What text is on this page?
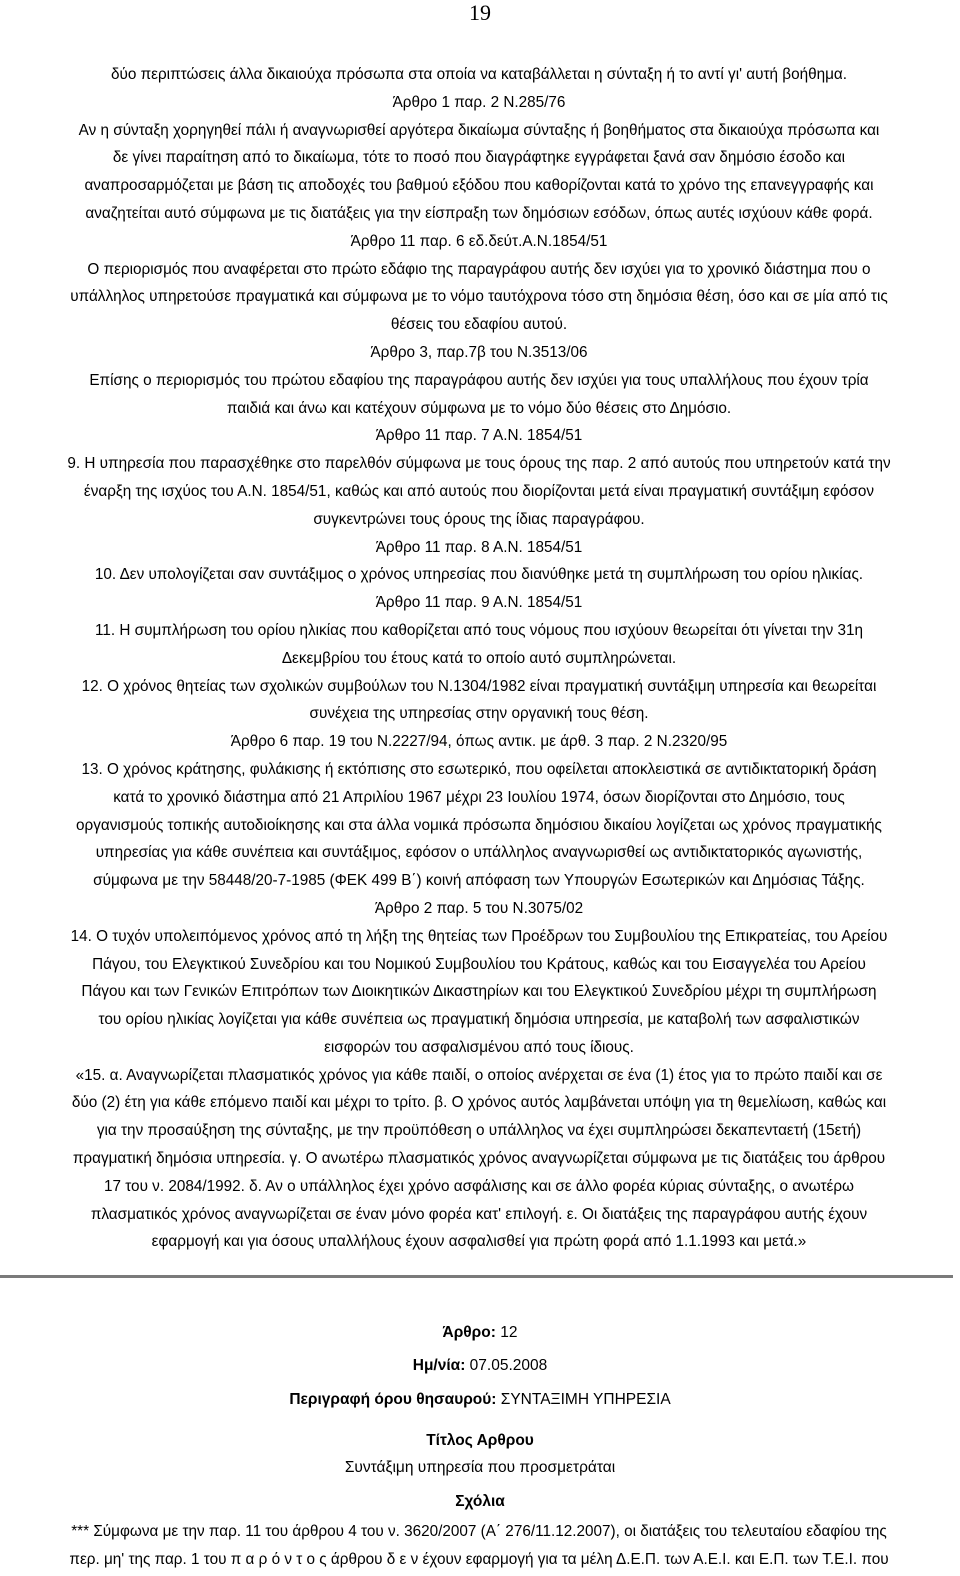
19
δύο περιπτώσεις άλλα δικαιούχα πρόσωπα στα οποία να καταβάλλεται η σύνταξη ή το αντί γι' αυτή βοήθημα.
Άρθρο 1 παρ. 2 Ν.285/76
Αν η σύνταξη χορηγηθεί πάλι ή αναγνωρισθεί αργότερα δικαίωμα σύνταξης ή βοηθήματος στα δικαιούχα πρόσωπα και
δε γίνει παραίτηση από το δικαίωμα, τότε το ποσό που διαγράφτηκε εγγράφεται ξανά σαν δημόσιο έσοδο και
αναπροσαρμόζεται με βάση τις αποδοχές του βαθμού εξόδου που καθορίζονται κατά το χρόνο της επανεγγραφής και
αναζητείται αυτό σύμφωνα με τις διατάξεις για την είσπραξη των δημόσιων εσόδων, όπως αυτές ισχύουν κάθε φορά.
Άρθρο 11 παρ. 6 εδ.δεύτ.Α.Ν.1854/51
Ο περιορισμός που αναφέρεται στο πρώτο εδάφιο της παραγράφου αυτής δεν ισχύει για το χρονικό διάστημα που ο
υπάλληλος υπηρετούσε πραγματικά και σύμφωνα με το νόμο ταυτόχρονα τόσο στη δημόσια θέση, όσο και σε μία από τις
θέσεις του εδαφίου αυτού.
Άρθρο 3, παρ.7β του Ν.3513/06
Επίσης ο περιορισμός του πρώτου εδαφίου της παραγράφου αυτής δεν ισχύει για τους υπαλλήλους που έχουν τρία
παιδιά και άνω και κατέχουν σύμφωνα με το νόμο δύο θέσεις στο Δημόσιο.
Άρθρο 11 παρ. 7 Α.Ν. 1854/51
9. Η υπηρεσία που παρασχέθηκε στο παρελθόν σύμφωνα με τους όρους της παρ. 2 από αυτούς που υπηρετούν κατά την
έναρξη της ισχύος του Α.Ν. 1854/51, καθώς και από αυτούς που διορίζονται μετά είναι πραγματική συντάξιμη εφόσον
συγκεντρώνει τους όρους της ίδιας παραγράφου.
Άρθρο 11 παρ. 8 Α.Ν. 1854/51
10. Δεν υπολογίζεται σαν συντάξιμος ο χρόνος υπηρεσίας που διανύθηκε μετά τη συμπλήρωση του ορίου ηλικίας.
Άρθρο 11 παρ. 9 Α.Ν. 1854/51
11. Η συμπλήρωση του ορίου ηλικίας που καθορίζεται από τους νόμους που ισχύουν θεωρείται ότι γίνεται την 31η
Δεκεμβρίου του έτους κατά το οποίο αυτό συμπληρώνεται.
12. Ο χρόνος θητείας των σχολικών συμβούλων του Ν.1304/1982 είναι πραγματική συντάξιμη υπηρεσία και θεωρείται
συνέχεια της υπηρεσίας στην οργανική τους θέση.
Άρθρο 6 παρ. 19 του Ν.2227/94, όπως αντικ. με άρθ. 3 παρ. 2 Ν.2320/95
13. Ο χρόνος κράτησης, φυλάκισης ή εκτόπισης στο εσωτερικό, που οφείλεται αποκλειστικά σε αντιδικτατορική δράση
κατά το χρονικό διάστημα από 21 Απριλίου 1967 μέχρι 23 Ιουλίου 1974, όσων διορίζονται στο Δημόσιο, τους
οργανισμούς τοπικής αυτοδιοίκησης και στα άλλα νομικά πρόσωπα δημόσιου δικαίου λογίζεται ως χρόνος πραγματικής
υπηρεσίας για κάθε συνέπεια και συντάξιμος, εφόσον ο υπάλληλος αναγνωρισθεί ως αντιδικτατορικός αγωνιστής,
σύμφωνα με την 58448/20-7-1985 (ΦΕΚ 499 Β΄) κοινή απόφαση των Υπουργών Εσωτερικών και Δημόσιας Τάξης.
Άρθρο 2 παρ. 5 του Ν.3075/02
14. Ο τυχόν υπολειπόμενος χρόνος από τη λήξη της θητείας των Προέδρων του Συμβουλίου της Επικρατείας, του Αρείου
Πάγου, του Ελεγκτικού Συνεδρίου και του Νομικού Συμβουλίου του Κράτους, καθώς και του Εισαγγελέα του Αρείου
Πάγου και των Γενικών Επιτρόπων των Διοικητικών Δικαστηρίων και του Ελεγκτικού Συνεδρίου μέχρι τη συμπλήρωση
του ορίου ηλικίας λογίζεται για κάθε συνέπεια ως πραγματική δημόσια υπηρεσία, με καταβολή των ασφαλιστικών
εισφορών του ασφαλισμένου από τους ίδιους.
«15. α. Αναγνωρίζεται πλασματικός χρόνος για κάθε παιδί, ο οποίος ανέρχεται σε ένα (1) έτος για το πρώτο παιδί και σε
δύο (2) έτη για κάθε επόμενο παιδί και μέχρι το τρίτο. β. Ο χρόνος αυτός λαμβάνεται υπόψη για τη θεμελίωση, καθώς και
για την προσαύξηση της σύνταξης, με την προϋπόθεση ο υπάλληλος να έχει συμπληρώσει δεκαπενταετή (15ετή)
πραγματική δημόσια υπηρεσία. γ. Ο ανωτέρω πλασματικός χρόνος αναγνωρίζεται σύμφωνα με τις διατάξεις του άρθρου
17 του ν. 2084/1992. δ. Αν ο υπάλληλος έχει χρόνο ασφάλισης και σε άλλο φορέα κύριας σύνταξης, ο ανωτέρω
πλασματικός χρόνος αναγνωρίζεται σε έναν μόνο φορέα κατ' επιλογή. ε. Οι διατάξεις της παραγράφου αυτής έχουν
εφαρμογή και για όσους υπαλλήλους έχουν ασφαλισθεί για πρώτη φορά από 1.1.1993 και μετά.»
Άρθρο: 12
Ημ/νία: 07.05.2008
Περιγραφή όρου θησαυρού: ΣΥΝΤΑΞΙΜΗ ΥΠΗΡΕΣΙΑ
Τίτλος Αρθρου
Συντάξιμη υπηρεσία που προσμετράται
Σχόλια
*** Σύμφωνα με την παρ. 11 του άρθρου 4 του ν. 3620/2007 (Α΄ 276/11.12.2007), οι διατάξεις του τελευταίου εδαφίου της
περ. μη' της παρ. 1 του π α ρ ό ν τ ο ς άρθρου δ ε ν έχουν εφαρμογή για τα μέλη Δ.Ε.Π. των Α.Ε.Ι. και Ε.Π. των Τ.Ε.Ι. που
